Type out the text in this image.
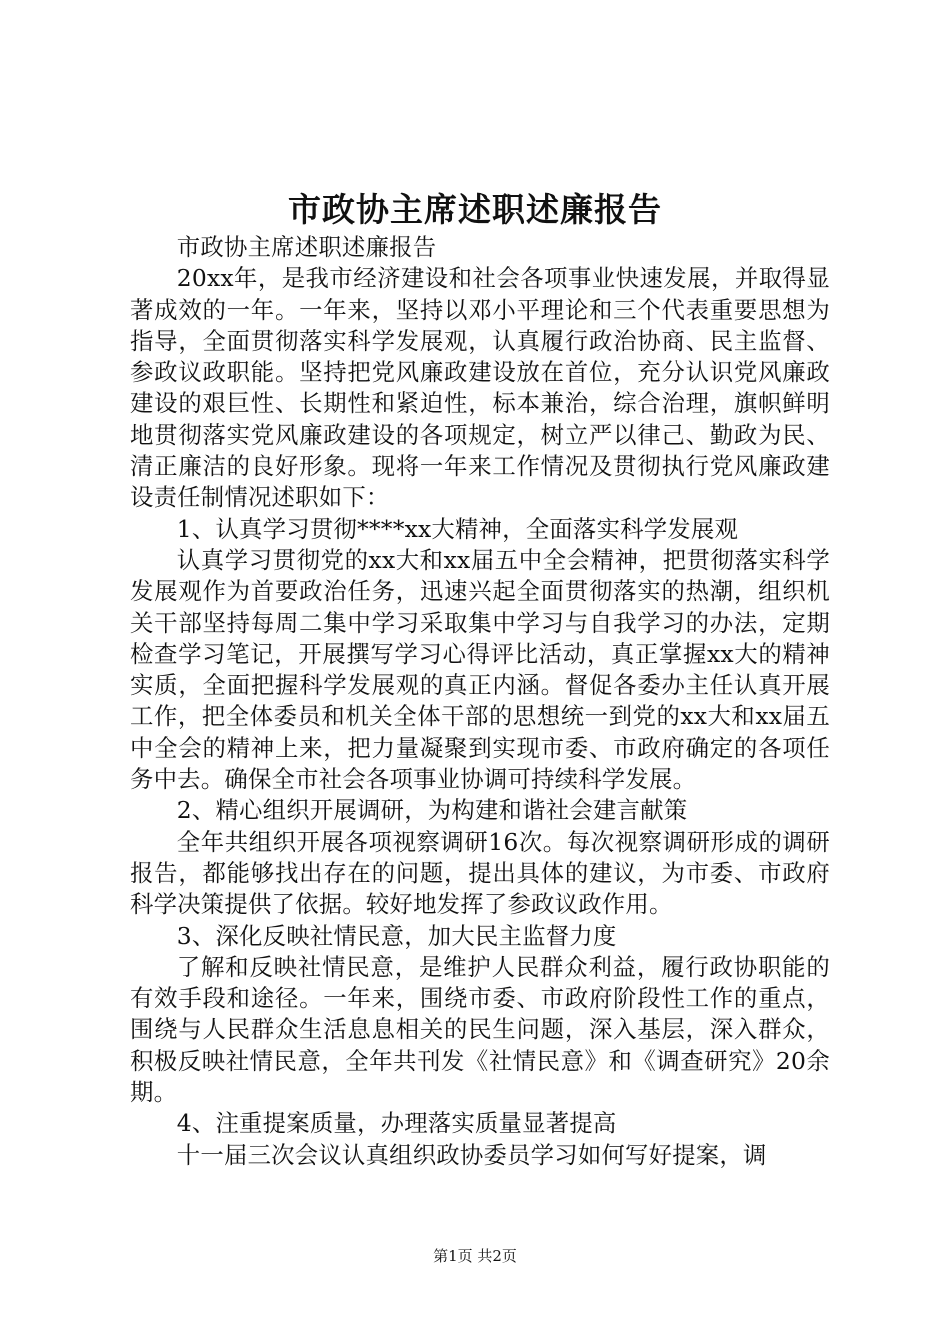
市政协主席述职述廉报告

市政协主席述职述廉报告

20xx年，是我市经济建设和社会各项事业快速发展，并取得显著成效的一年。一年来，坚持以邓小平理论和三个代表重要思想为指导，全面贯彻落实科学发展观，认真履行政治协商、民主监督、参政议政职能。坚持把党风廉政建设放在首位，充分认识党风廉政建设的艰巨性、长期性和紧迫性，标本兼治，综合治理，旗帜鲜明地贯彻落实党风廉政建设的各项规定，树立严以律己、勤政为民、清正廉洁的良好形象。现将一年来工作情况及贯彻执行党风廉政建设责任制情况述职如下：

1、认真学习贯彻****xx大精神，全面落实科学发展观

认真学习贯彻党的xx大和xx届五中全会精神，把贯彻落实科学发展观作为首要政治任务，迅速兴起全面贯彻落实的热潮，组织机关干部坚持每周二集中学习采取集中学习与自我学习的办法，定期检查学习笔记，开展撰写学习心得评比活动，真正掌握xx大的精神实质，全面把握科学发展观的真正内涵。督促各委办主任认真开展工作，把全体委员和机关全体干部的思想统一到党的xx大和xx届五中全会的精神上来，把力量凝聚到实现市委、市政府确定的各项任务中去。确保全市社会各项事业协调可持续科学发展。

2、精心组织开展调研，为构建和谐社会建言献策

全年共组织开展各项视察调研16次。每次视察调研形成的调研报告，都能够找出存在的问题，提出具体的建议，为市委、市政府科学决策提供了依据。较好地发挥了参政议政作用。

3、深化反映社情民意，加大民主监督力度

了解和反映社情民意，是维护人民群众利益，履行政协职能的有效手段和途径。一年来，围绕市委、市政府阶段性工作的重点，围绕与人民群众生活息息相关的民生问题，深入基层，深入群众，积极反映社情民意，全年共刊发《社情民意》和《调查研究》20余期。

4、注重提案质量，办理落实质量显著提高

十一届三次会议认真组织政协委员学习如何写好提案，调

第1页 共2页
